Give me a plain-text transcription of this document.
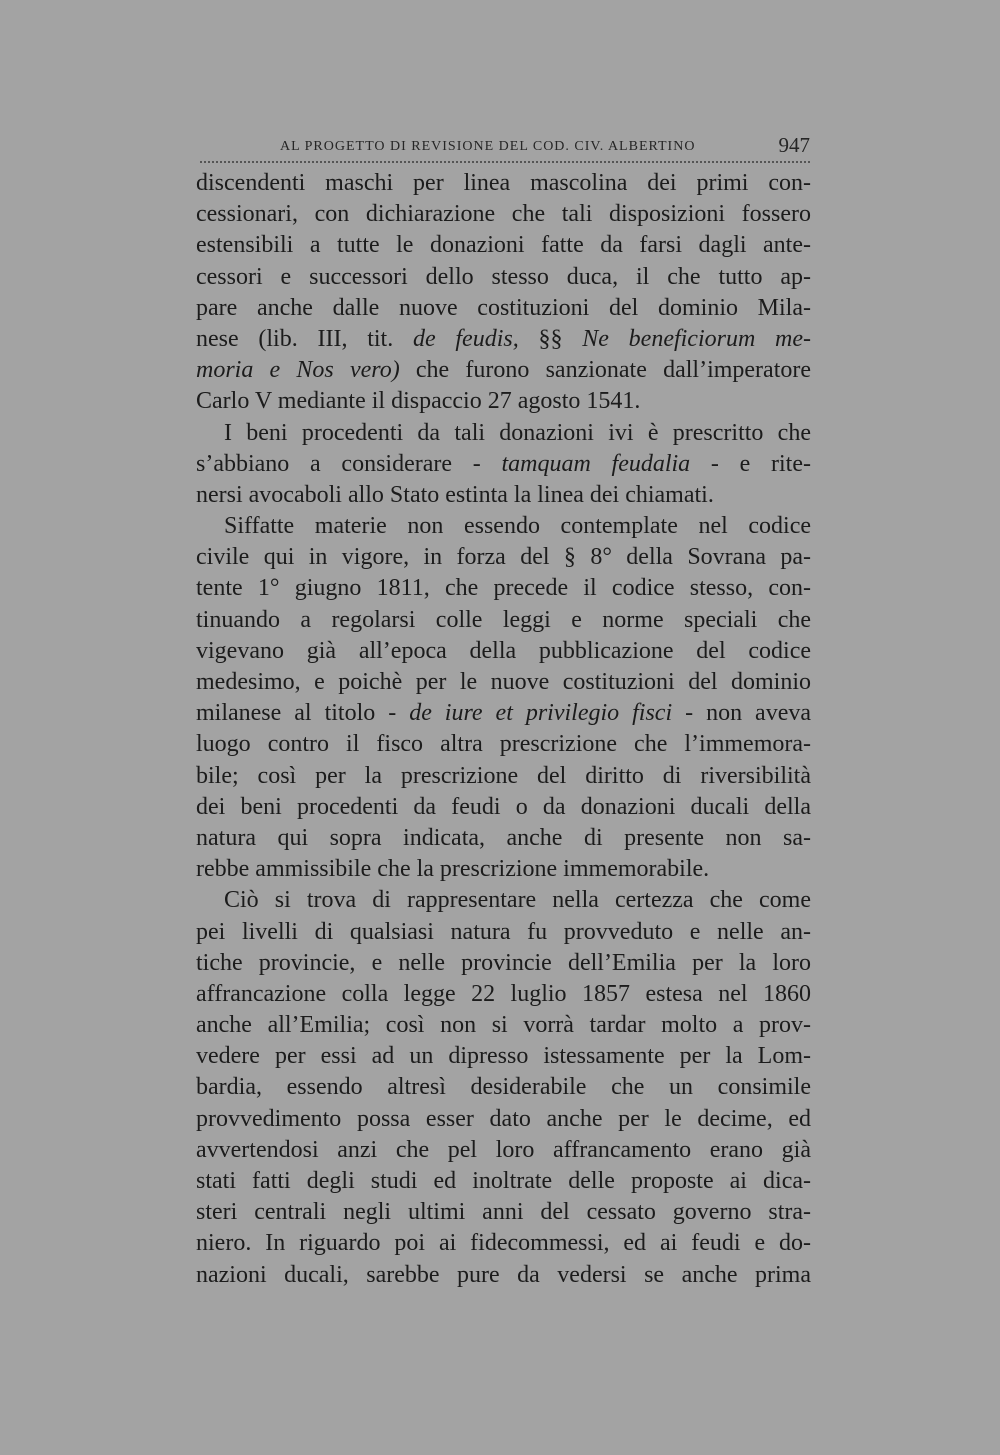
AL PROGETTO DI REVISIONE DEL COD. CIV. ALBERTINO	947
discendenti maschi per linea mascolina dei primi con-
cessionari, con dichiarazione che tali disposizioni fossero
estensibili a tutte le donazioni fatte da farsi dagli ante-
cessori e successori dello stesso duca, il che tutto ap-
pare anche dalle nuove costituzioni del dominio Mila-
nese (lib. III, tit. de feudis, §§ Ne beneficiorum me-
moria e Nos vero) che furono sanzionate dall’imperatore
Carlo V mediante il dispaccio 27 agosto 1541.
I beni procedenti da tali donazioni ivi è prescritto che
s’abbiano a considerare - tamquam feudalia - e rite-
nersi avocaboli allo Stato estinta la linea dei chiamati.
Siffatte materie non essendo contemplate nel codice
civile qui in vigore, in forza del § 8° della Sovrana pa-
tente 1° giugno 1811, che precede il codice stesso, con-
tinuando a regolarsi colle leggi e norme speciali che
vigevano già all’epoca della pubblicazione del codice
medesimo, e poichè per le nuove costituzioni del dominio
milanese al titolo - de iure et privilegio fisci - non aveva
luogo contro il fisco altra prescrizione che l’immemora-
bile; così per la prescrizione del diritto di riversibilità
dei beni procedenti da feudi o da donazioni ducali della
natura qui sopra indicata, anche di presente non sa-
rebbe ammissibile che la prescrizione immemorabile.
Ciò si trova di rappresentare nella certezza che come
pei livelli di qualsiasi natura fu provveduto e nelle an-
tiche provincie, e nelle provincie dell’Emilia per la loro
affrancazione colla legge 22 luglio 1857 estesa nel 1860
anche all’Emilia; così non si vorrà tardar molto a prov-
vedere per essi ad un dipresso istessamente per la Lom-
bardia, essendo altresì desiderabile che un consimile
provvedimento possa esser dato anche per le decime, ed
avvertendosi anzi che pel loro affrancamento erano già
stati fatti degli studi ed inoltrate delle proposte ai dica-
steri centrali negli ultimi anni del cessato governo stra-
niero. In riguardo poi ai fidecommessi, ed ai feudi e do-
nazioni ducali, sarebbe pure da vedersi se anche prima
